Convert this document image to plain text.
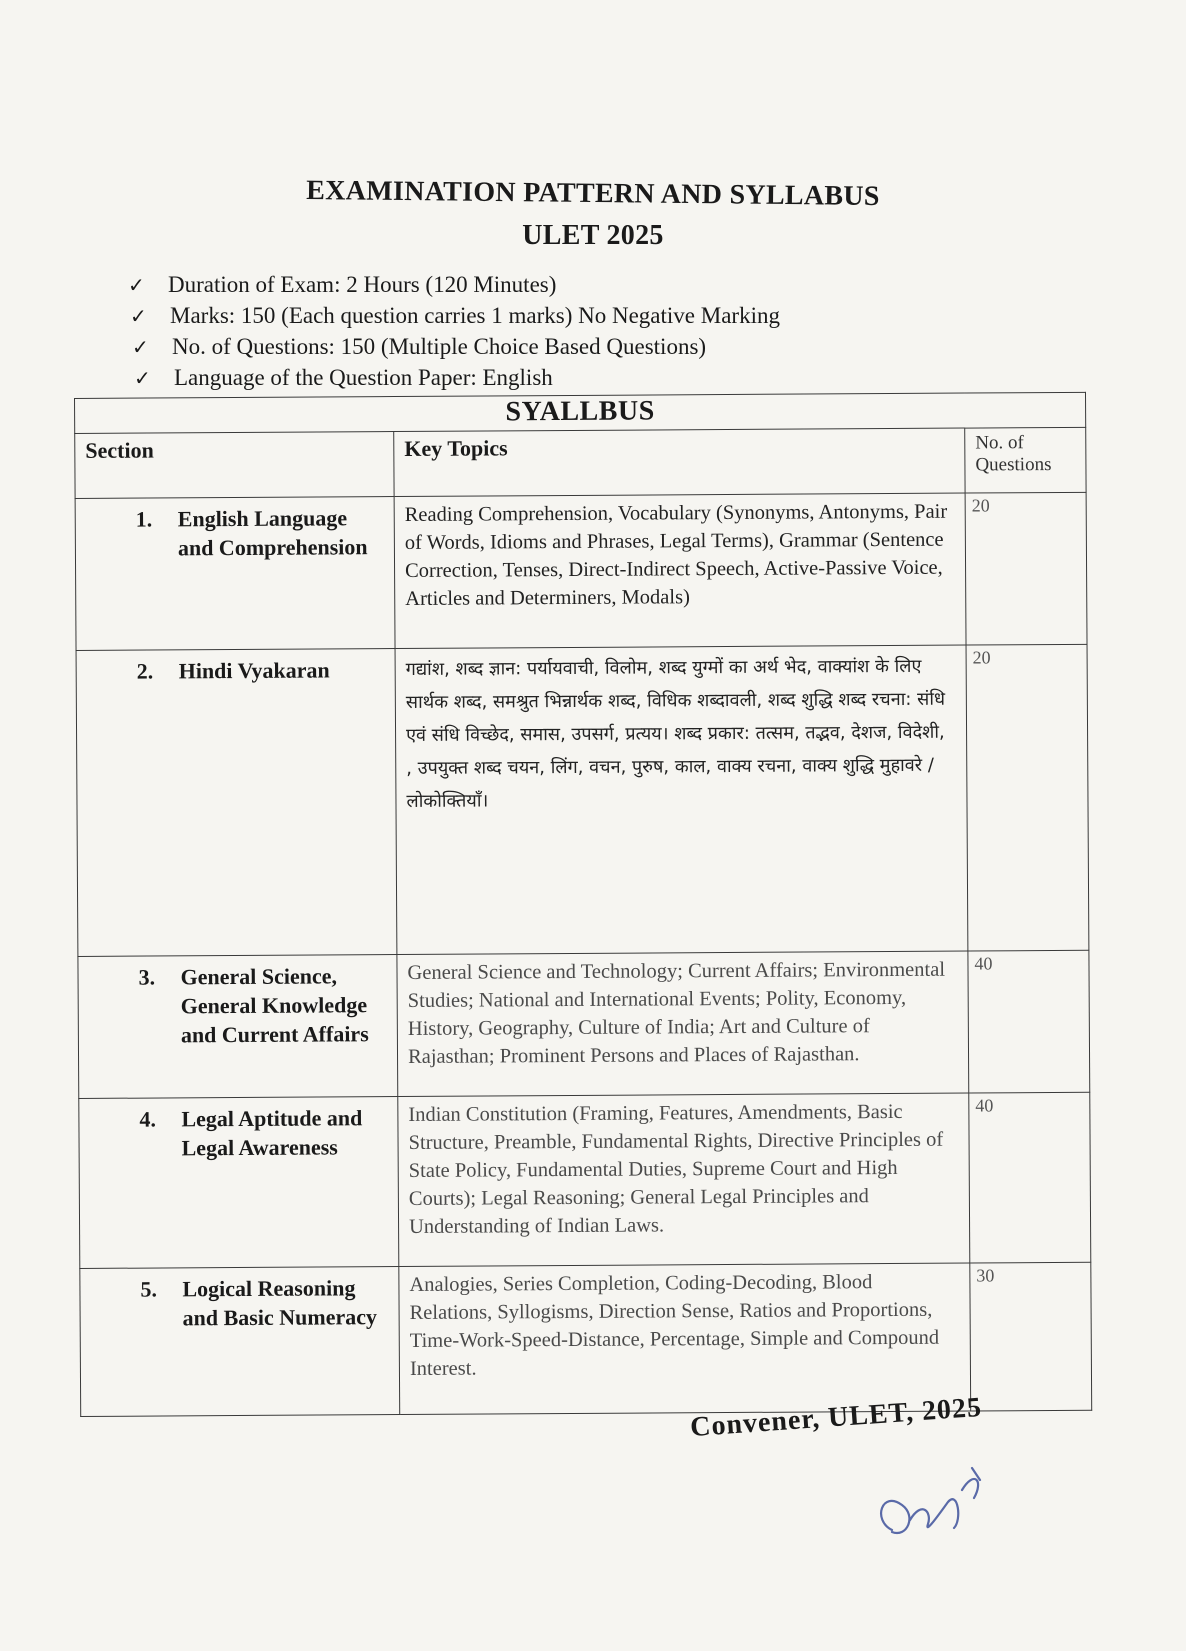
EXAMINATION PATTERN AND SYLLABUS
ULET 2025
✓	Duration of Exam: 2 Hours (120 Minutes)
✓	Marks: 150 (Each question carries 1 marks) No Negative Marking
✓	No. of Questions: 150 (Multiple Choice Based Questions)
✓	Language of the Question Paper: English
SYALLBUS		
Section	Key Topics	No. of Questions

1. English Language and Comprehension	Reading Comprehension, Vocabulary (Synonyms, Antonyms, Pair of Words, Idioms and Phrases, Legal Terms), Grammar (Sentence Correction, Tenses, Direct-Indirect Speech, Active-Passive Voice, Articles and Determiners, Modals)	20

2. Hindi Vyakaran	गद्यांश, शब्द ज्ञान: पर्यायवाची, विलोम, शब्द युग्मों का अर्थ भेद, वाक्यांश के लिए सार्थक शब्द, समश्रुत भिन्नार्थक शब्द, विधिक शब्दावली, शब्द शुद्धि शब्द रचना: संधि एवं संधि विच्छेद, समास, उपसर्ग, प्रत्यय। शब्द प्रकार: तत्सम, तद्भव, देशज, विदेशी, , उपयुक्त शब्द चयन, लिंग, वचन, पुरुष, काल, वाक्य रचना, वाक्य शुद्धि मुहावरे / लोकोक्तियाँ।	20

3. General Science, General Knowledge and Current Affairs	General Science and Technology; Current Affairs; Environmental Studies; National and International Events; Polity, Economy, History, Geography, Culture of India; Art and Culture of Rajasthan; Prominent Persons and Places of Rajasthan.	40

4. Legal Aptitude and Legal Awareness	Indian Constitution (Framing, Features, Amendments, Basic Structure, Preamble, Fundamental Rights, Directive Principles of State Policy, Fundamental Duties, Supreme Court and High Courts); Legal Reasoning; General Legal Principles and Understanding of Indian Laws.	40

5. Logical Reasoning and Basic Numeracy	Analogies, Series Completion, Coding-Decoding, Blood Relations, Syllogisms, Direction Sense, Ratios and Proportions, Time-Work-Speed-Distance, Percentage, Simple and Compound Interest.	30
Convener, ULET, 2025
